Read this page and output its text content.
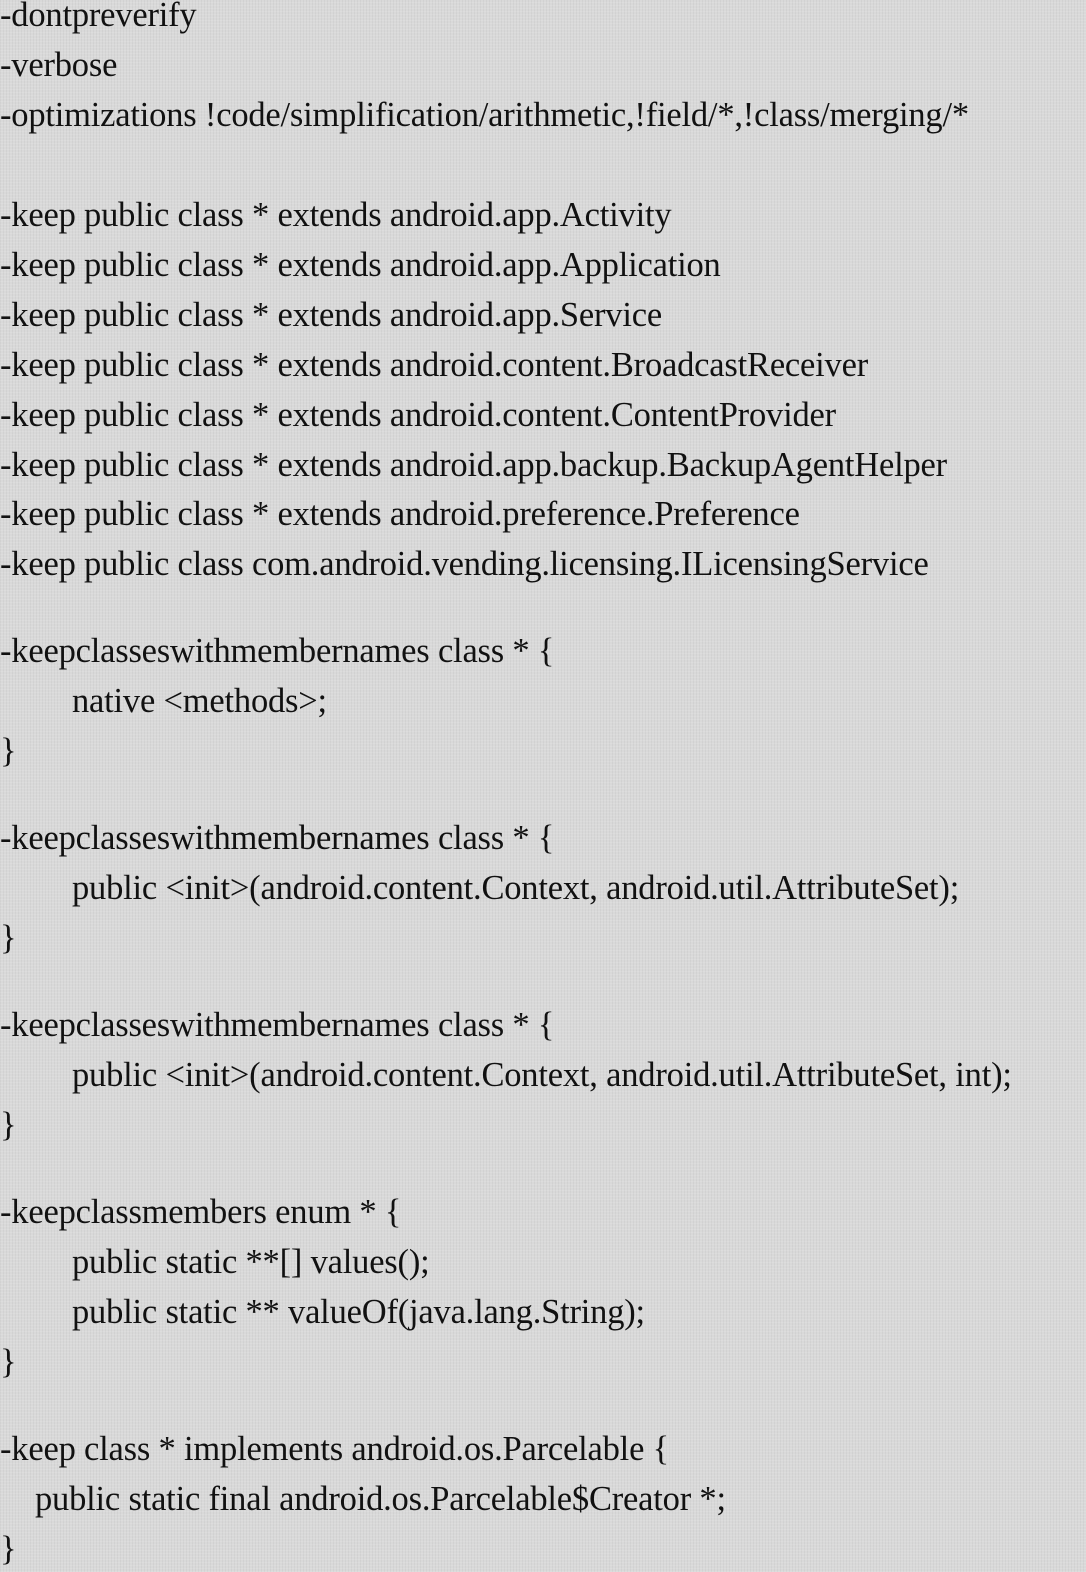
-dontpreverify
-verbose
-optimizations !code/simplification/arithmetic,!field/*,!class/merging/*
-keep public class * extends android.app.Activity
-keep public class * extends android.app.Application
-keep public class * extends android.app.Service
-keep public class * extends android.content.BroadcastReceiver
-keep public class * extends android.content.ContentProvider
-keep public class * extends android.app.backup.BackupAgentHelper
-keep public class * extends android.preference.Preference
-keep public class com.android.vending.licensing.ILicensingService
-keepclasseswithmembernames class * {
native <methods>;
}
-keepclasseswithmembernames class * {
public <init>(android.content.Context, android.util.AttributeSet);
}
-keepclasseswithmembernames class * {
public <init>(android.content.Context, android.util.AttributeSet, int);
}
-keepclassmembers enum * {
public static **[] values();
public static ** valueOf(java.lang.String);
}
-keep class * implements android.os.Parcelable {
public static final android.os.Parcelable$Creator *;
}
